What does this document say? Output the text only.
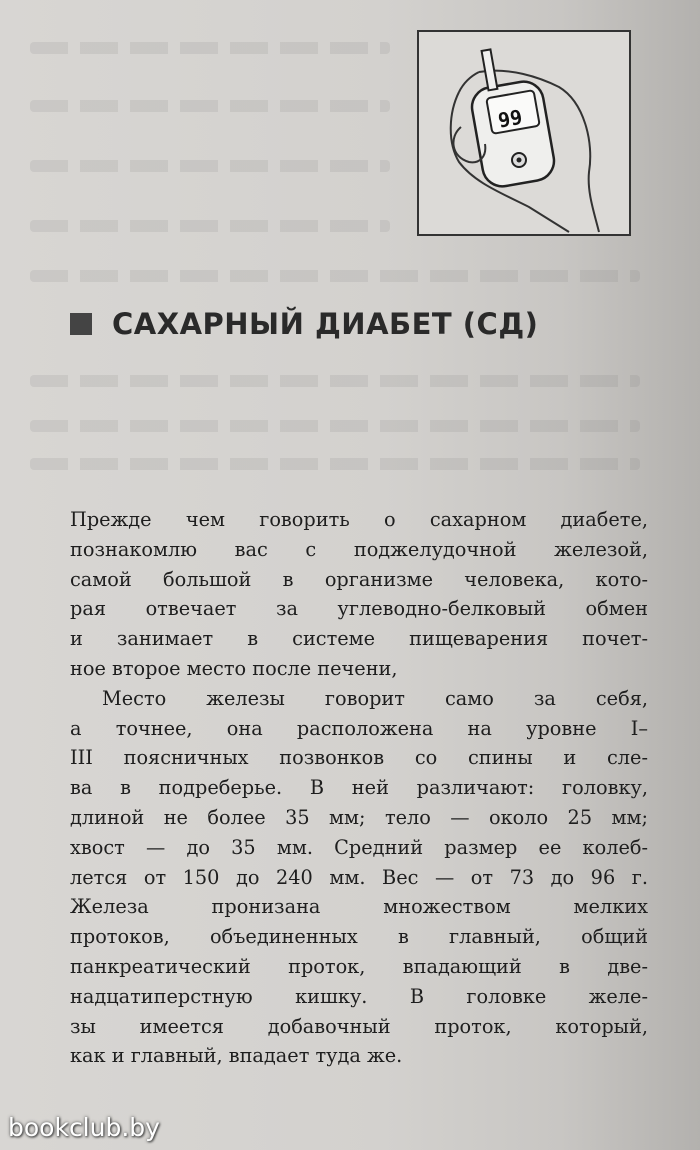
99
САХАРНЫЙ ДИАБЕТ (СД)
Прежде чем говорить о сахарном диабете,
познакомлю вас с поджелудочной железой,
самой большой в организме человека, кото-
рая отвечает за углеводно-белковый обмен
и занимает в системе пищеварения почет-
ное второе место после печени,
Место железы говорит само за себя,
а точнее, она расположена на уровне I–
III поясничных позвонков со спины и сле-
ва в подреберье. В ней различают: головку,
длиной не более 35 мм; тело — около 25 мм;
хвост — до 35 мм. Средний размер ее колеб-
лется от 150 до 240 мм. Вес — от 73 до 96 г.
Железа пронизана множеством мелких
протоков, объединенных в главный, общий
панкреатический проток, впадающий в две-
надцатиперстную кишку. В головке желе-
зы имеется добавочный проток, который,
как и главный, впадает туда же.
bookclub.by
